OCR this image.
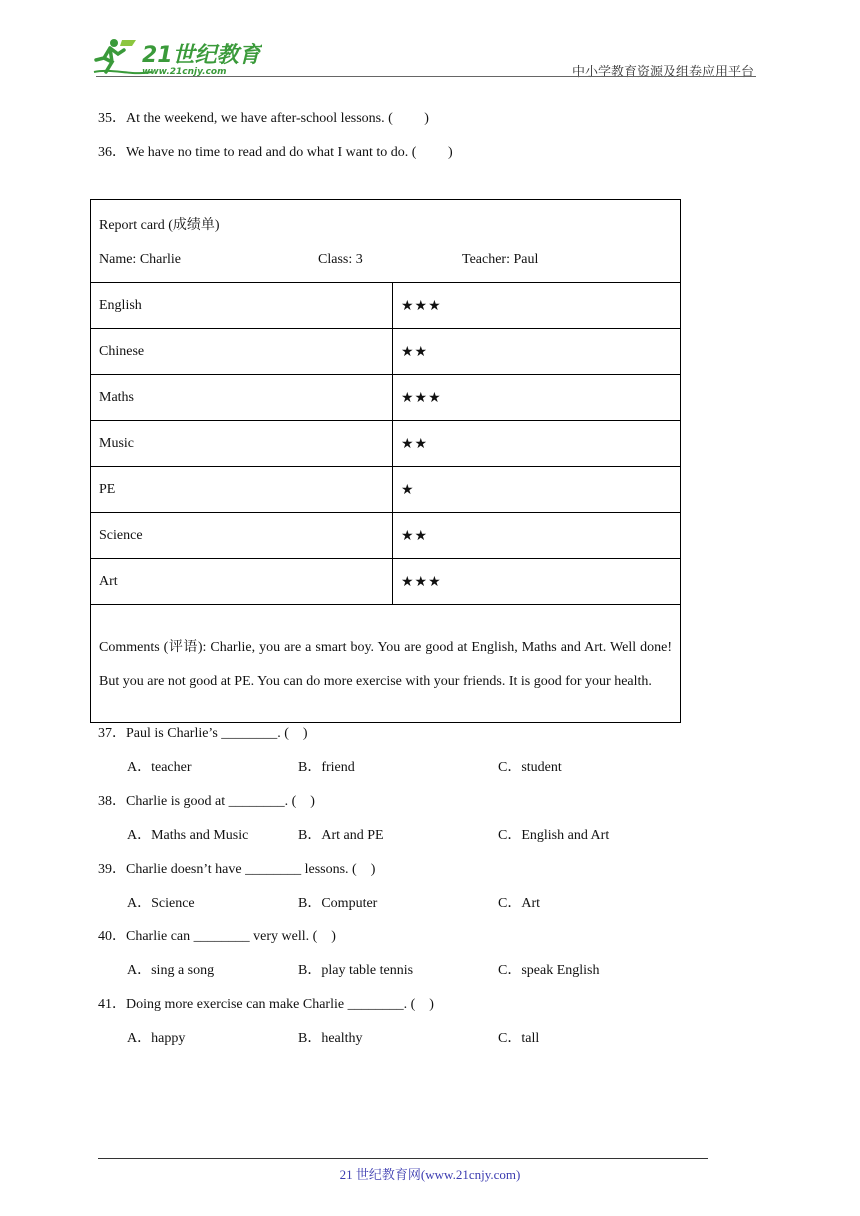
21世纪教育
www.21cnjy.com	中小学教育资源及组卷应用平台
35．At the weekend, we have after-school lessons. (　　 )
36．We have no time to read and do what I want to do. (　　 )
Report card (成绩单)
Name: Charlie Class: 3 Teacher: Paul	

English	★★★
Chinese	★★
Maths	★★★
Music	★★
PE	★
Science	★★
Art	★★★
Comments (评语): Charlie, you are a smart boy. You are good at English, Maths and Art. Well done! But you are not good at PE. You can do more exercise with your friends. It is good for your health.	
37．Paul is Charlie’s ________. (　)
A．teacher	B．friend	C．student
38．Charlie is good at ________. (　)
A．Maths and Music	B．Art and PE	C．English and Art
39．Charlie doesn’t have ________ lessons. (　)
A．Science	B．Computer	C．Art
40．Charlie can ________ very well. (　)
A．sing a song	B．play table tennis	C．speak English
41．Doing more exercise can make Charlie ________. (　)
A．happy	B．healthy	C．tall
21 世纪教育网(www.21cnjy.com)
